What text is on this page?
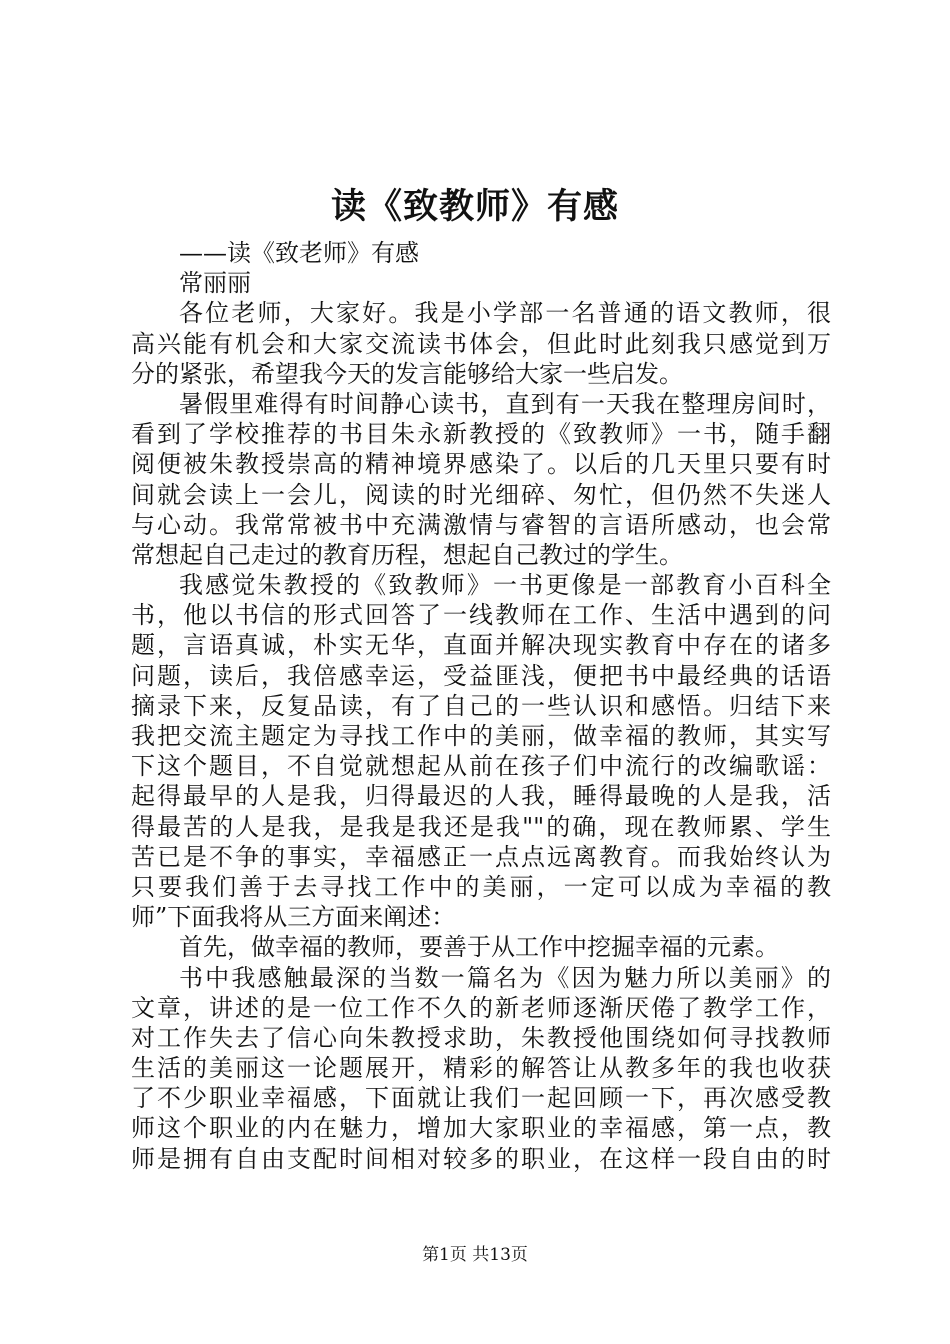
读《致教师》有感
——读《致老师》有感
常丽丽
各位老师，大家好。我是小学部一名普通的语文教师，很
高兴能有机会和大家交流读书体会，但此时此刻我只感觉到万
分的紧张，希望我今天的发言能够给大家一些启发。
暑假里难得有时间静心读书，直到有一天我在整理房间时，
看到了学校推荐的书目朱永新教授的《致教师》一书，随手翻
阅便被朱教授崇高的精神境界感染了。以后的几天里只要有时
间就会读上一会儿，阅读的时光细碎、匆忙，但仍然不失迷人
与心动。我常常被书中充满激情与睿智的言语所感动，也会常
常想起自己走过的教育历程，想起自己教过的学生。
我感觉朱教授的《致教师》一书更像是一部教育小百科全
书，他以书信的形式回答了一线教师在工作、生活中遇到的问
题，言语真诚，朴实无华，直面并解决现实教育中存在的诸多
问题，读后，我倍感幸运，受益匪浅，便把书中最经典的话语
摘录下来，反复品读，有了自己的一些认识和感悟。归结下来
我把交流主题定为寻找工作中的美丽，做幸福的教师，其实写
下这个题目，不自觉就想起从前在孩子们中流行的改编歌谣：
起得最早的人是我，归得最迟的人我，睡得最晚的人是我，活
得最苦的人是我，是我是我还是我""的确，现在教师累、学生
苦已是不争的事实，幸福感正一点点远离教育。而我始终认为
只要我们善于去寻找工作中的美丽，一定可以成为幸福的教
师”下面我将从三方面来阐述：
首先，做幸福的教师，要善于从工作中挖掘幸福的元素。
书中我感触最深的当数一篇名为《因为魅力所以美丽》的
文章，讲述的是一位工作不久的新老师逐渐厌倦了教学工作，
对工作失去了信心向朱教授求助，朱教授他围绕如何寻找教师
生活的美丽这一论题展开，精彩的解答让从教多年的我也收获
了不少职业幸福感，下面就让我们一起回顾一下，再次感受教
师这个职业的内在魅力，增加大家职业的幸福感，第一点，教
师是拥有自由支配时间相对较多的职业，在这样一段自由的时
第1页 共13页
